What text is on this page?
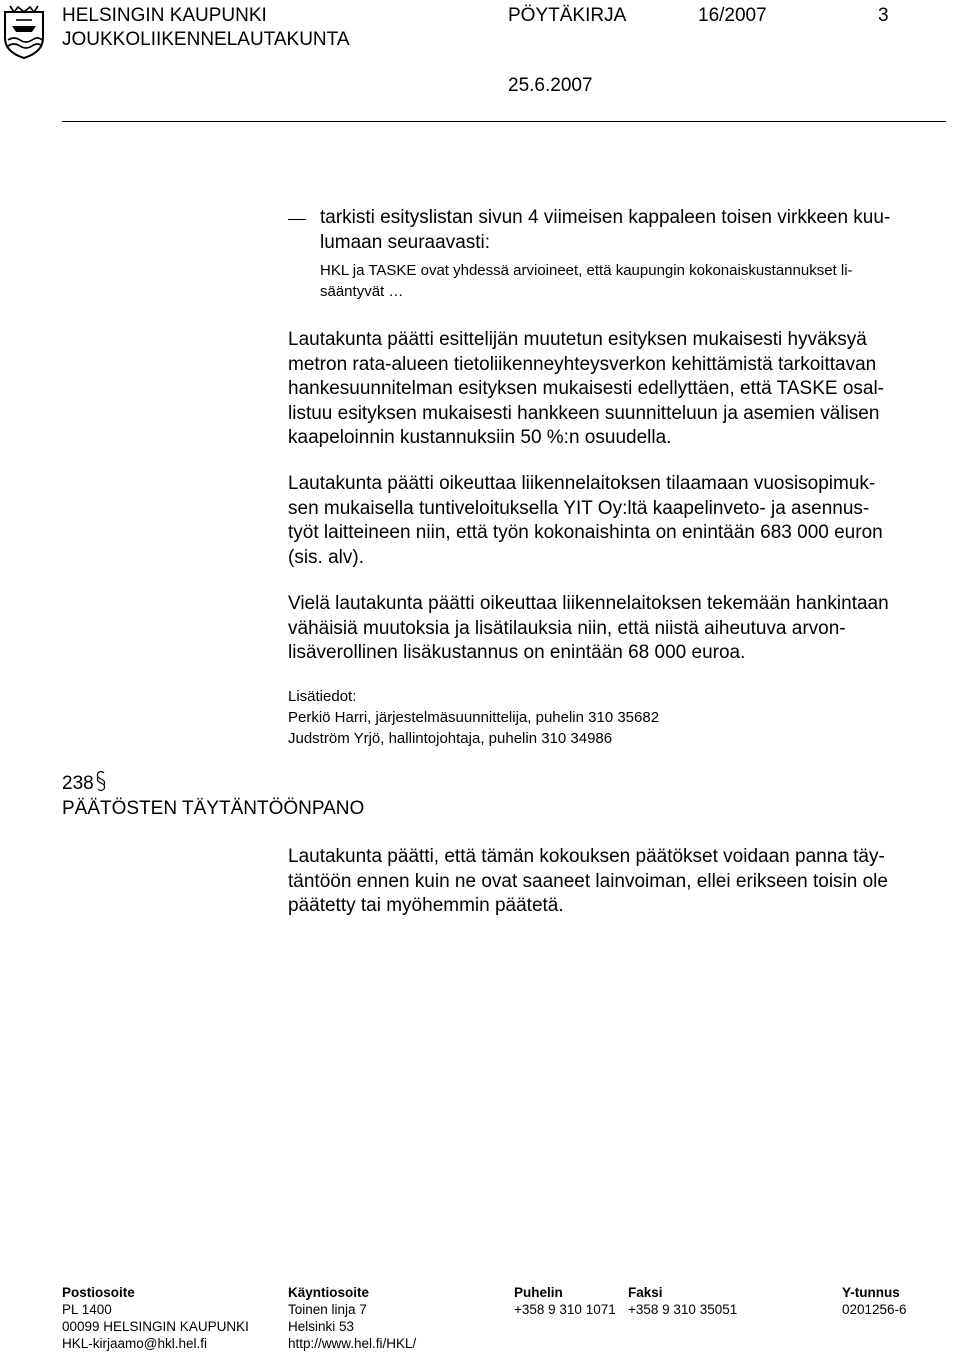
HELSINGIN KAUPUNKI
JOUKKOLIIKENNELAUTAKUNTA
PÖYTÄKIRJA	16/2007	3
25.6.2007

tarkisti esityslistan sivun 4 viimeisen kappaleen toisen virkkeen kuu-

lumaan seuraavasti:

HKL ja TASKE ovat yhdessä arvioineet, että kaupungin kokonaiskustannukset li-

sääntyvät …

Lautakunta päätti esittelijän muutetun esityksen mukaisesti hyväksyä

metron rata-alueen tietoliikenneyhteysverkon kehittämistä tarkoittavan

hankesuunnitelman esityksen mukaisesti edellyttäen, että TASKE osal-

listuu esityksen mukaisesti hankkeen suunnitteluun ja asemien välisen

kaapeloinnin kustannuksiin 50 %:n osuudella.

Lautakunta päätti oikeuttaa liikennelaitoksen tilaamaan vuosisopimuk-

sen mukaisella tuntiveloituksella YIT Oy:ltä kaapelinveto- ja asennus-

työt laitteineen niin, että työn kokonaishinta on enintään 683 000 euron

(sis. alv).

Vielä lautakunta päätti oikeuttaa liikennelaitoksen tekemään hankintaan

vähäisiä muutoksia ja lisätilauksia niin, että niistä aiheutuva arvon-

lisäverollinen lisäkustannus on enintään 68 000 euroa.

Lisätiedot:

Perkiö Harri, järjestelmäsuunnittelija, puhelin 310 35682

Judström Yrjö, hallintojohtaja, puhelin 310 34986

238

PÄÄTÖSTEN TÄYTÄNTÖÖNPANO

Lautakunta päätti, että tämän kokouksen päätökset voidaan panna täy-

täntöön ennen kuin ne ovat saaneet lainvoiman, ellei erikseen toisin ole

päätetty tai myöhemmin päätetä.

Postiosoite
PL 1400
00099 HELSINGIN KAUPUNKI
HKL-kirjaamo@hkl.hel.fi
Käyntiosoite
Toinen linja 7
Helsinki 53
http://www.hel.fi/HKL/
Puhelin
+358 9 310 1071
Faksi
+358 9 310 35051
Y-tunnus
0201256-6
